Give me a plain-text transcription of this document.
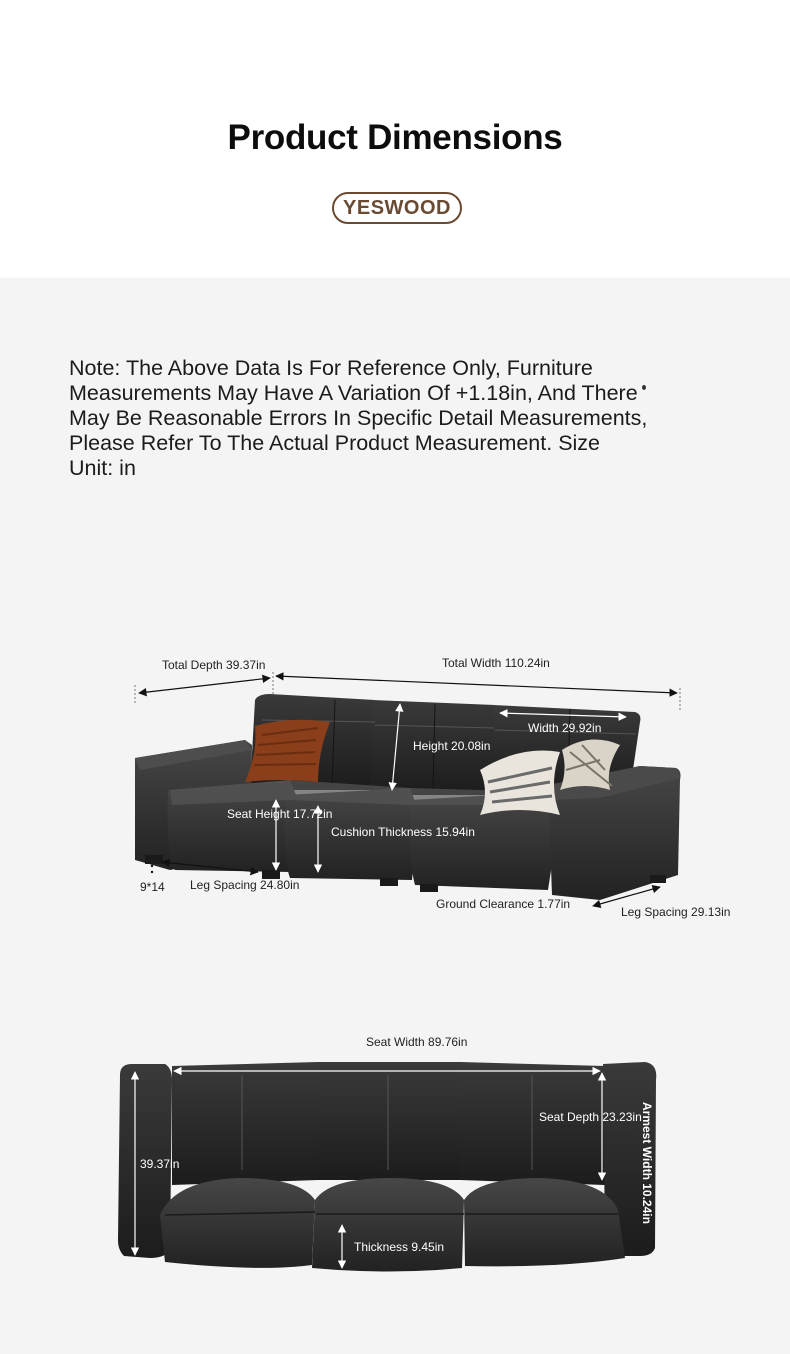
Product Dimensions
YESWOOD

Note: The Above Data Is For Reference Only, Furniture Measurements May Have A Variation Of +1.18in, And There May Be Reasonable Errors In Specific Detail Measurements, Please Refer To The Actual Product Measurement. Size Unit: in

Total Depth 39.37in	Total Width 110.24in
Width 29.92in
Height 20.08in
Seat Height 17.72in
Cushion Thickness 15.94in
9*14 Leg Spacing 24.80in
Ground Clearance 1.77in
Leg Spacing 29.13in
Seat Width 89.76in
39.37in
Seat Depth 23.23in
Armest Width 10.24in
Thickness 9.45in
